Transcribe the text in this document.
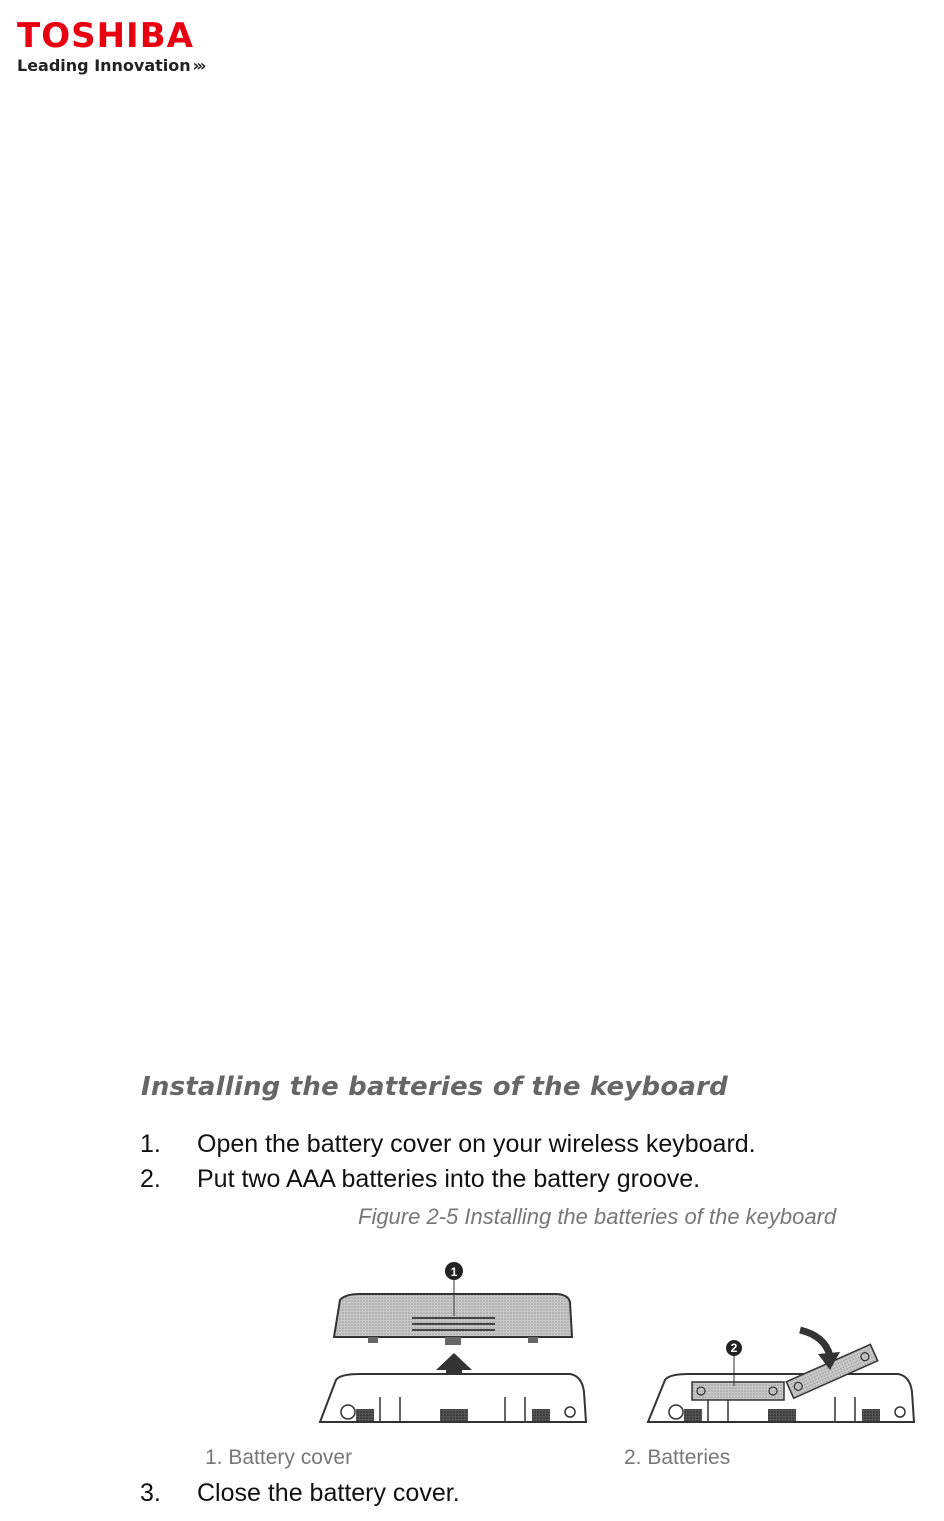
TOSHIBA
Leading Innovation ›››
Installing the batteries of the keyboard
1. Open the battery cover on your wireless keyboard.
2. Put two AAA batteries into the battery groove.
Figure 2-5 Installing the batteries of the keyboard
1
2
1. Battery cover	2. Batteries
3. Close the battery cover.
